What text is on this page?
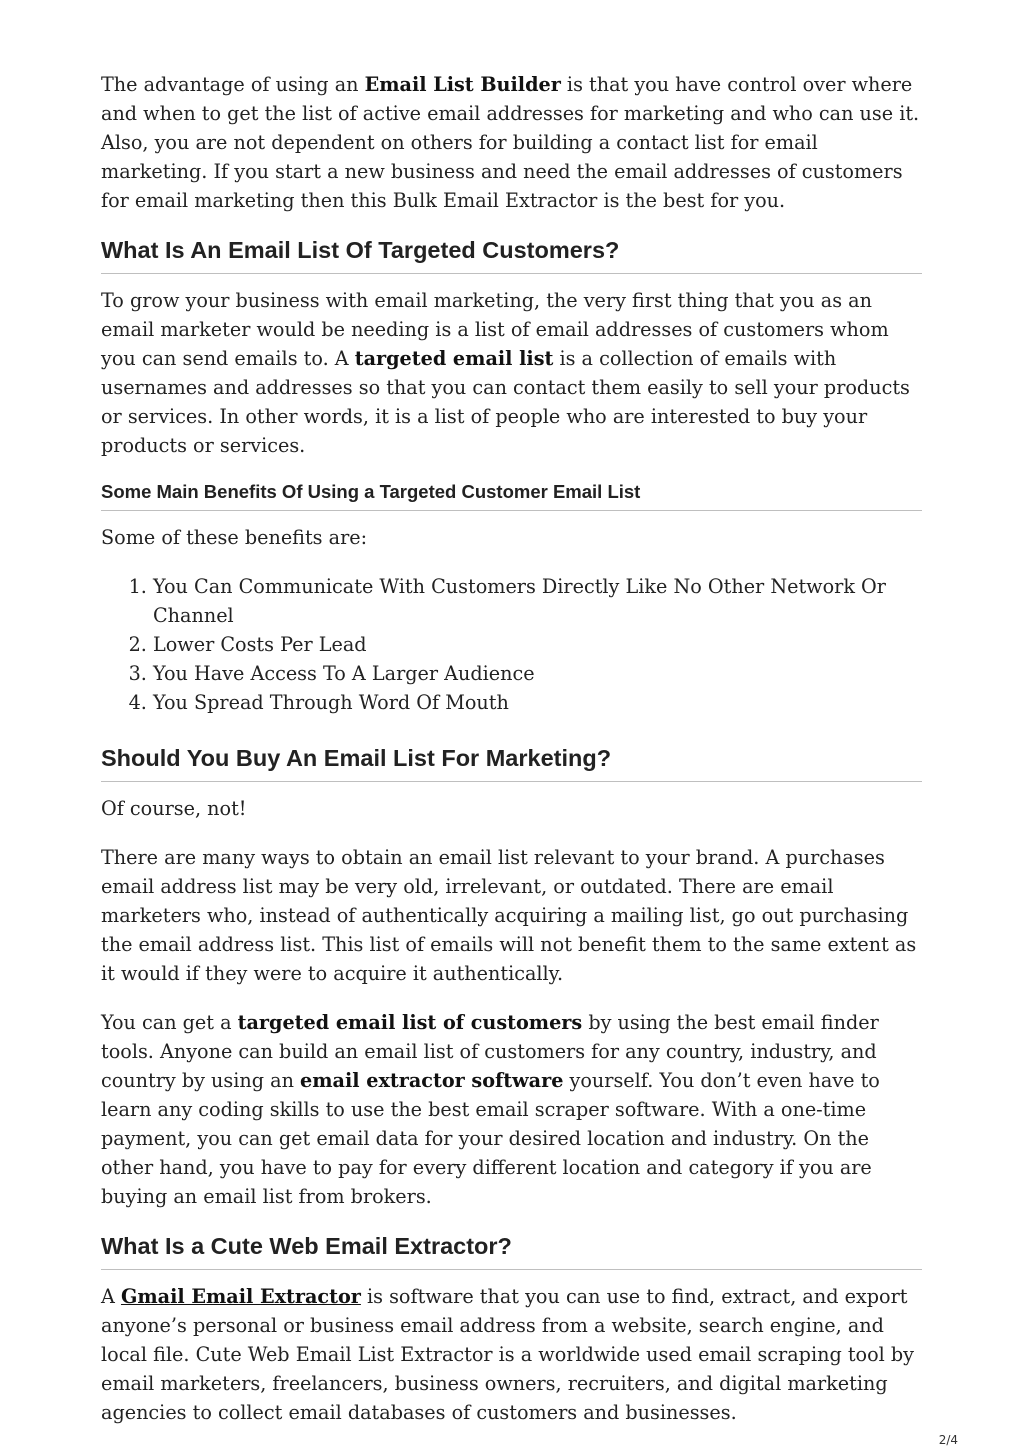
The advantage of using an Email List Builder is that you have control over where and when to get the list of active email addresses for marketing and who can use it. Also, you are not dependent on others for building a contact list for email marketing. If you start a new business and need the email addresses of customers for email marketing then this Bulk Email Extractor is the best for you.

What Is An Email List Of Targeted Customers?

To grow your business with email marketing, the very first thing that you as an email marketer would be needing is a list of email addresses of customers whom you can send emails to. A targeted email list is a collection of emails with usernames and addresses so that you can contact them easily to sell your products or services. In other words, it is a list of people who are interested to buy your products or services.

Some Main Benefits Of Using a Targeted Customer Email List

Some of these benefits are:

1. You Can Communicate With Customers Directly Like No Other Network Or Channel
2. Lower Costs Per Lead
3. You Have Access To A Larger Audience
4. You Spread Through Word Of Mouth
Should You Buy An Email List For Marketing?

Of course, not!

There are many ways to obtain an email list relevant to your brand. A purchases email address list may be very old, irrelevant, or outdated. There are email marketers who, instead of authentically acquiring a mailing list, go out purchasing the email address list. This list of emails will not benefit them to the same extent as it would if they were to acquire it authentically.

You can get a targeted email list of customers by using the best email finder tools. Anyone can build an email list of customers for any country, industry, and country by using an email extractor software yourself. You don’t even have to learn any coding skills to use the best email scraper software. With a one-time payment, you can get email data for your desired location and industry. On the other hand, you have to pay for every different location and category if you are buying an email list from brokers.

What Is a Cute Web Email Extractor?

A Gmail Email Extractor is software that you can use to find, extract, and export anyone’s personal or business email address from a website, search engine, and local file. Cute Web Email List Extractor is a worldwide used email scraping tool by email marketers, freelancers, business owners, recruiters, and digital marketing agencies to collect email databases of customers and businesses.

2/4
